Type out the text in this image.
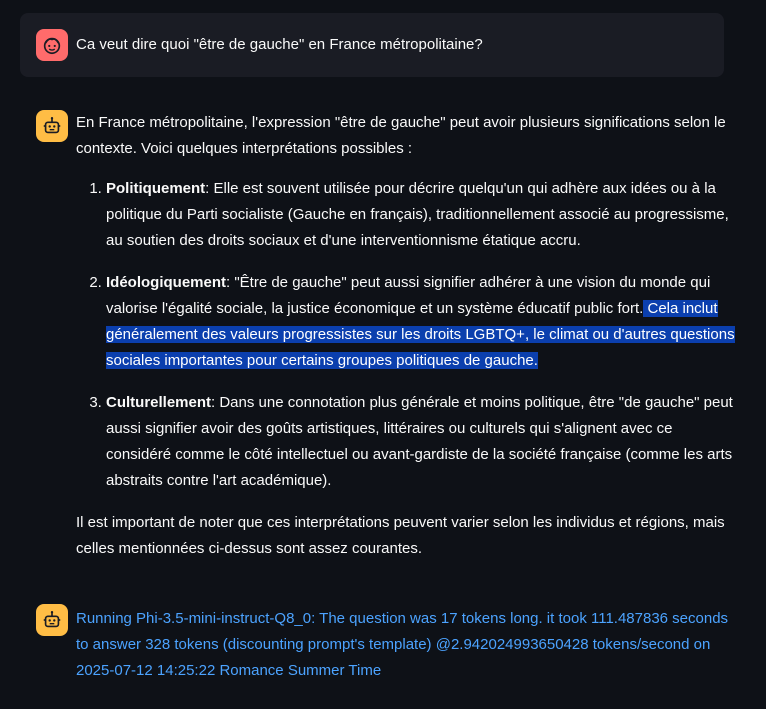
Ca veut dire quoi "être de gauche" en France métropolitaine?

En France métropolitaine, l'expression "être de gauche" peut avoir plusieurs significations selon le contexte. Voici quelques interprétations possibles :

1. Politiquement: Elle est souvent utilisée pour décrire quelqu'un qui adhère aux idées ou à la politique du Parti socialiste (Gauche en français), traditionnellement associé au progressisme, au soutien des droits sociaux et d'une interventionnisme étatique accru.
2. Idéologiquement: "Être de gauche" peut aussi signifier adhérer à une vision du monde qui valorise l'égalité sociale, la justice économique et un système éducatif public fort. Cela inclut généralement des valeurs progressistes sur les droits LGBTQ+, le climat ou d'autres questions sociales importantes pour certains groupes politiques de gauche.
3. Culturellement: Dans une connotation plus générale et moins politique, être "de gauche" peut aussi signifier avoir des goûts artistiques, littéraires ou culturels qui s'alignent avec ce considéré comme le côté intellectuel ou avant-gardiste de la société française (comme les arts abstraits contre l'art académique).

Il est important de noter que ces interprétations peuvent varier selon les individus et régions, mais celles mentionnées ci-dessus sont assez courantes.

Running Phi-3.5-mini-instruct-Q8_0: The question was 17 tokens long. it took 111.487836 seconds to answer 328 tokens (discounting prompt's template) @2.942024993650428 tokens/second on 2025-07-12 14:25:22 Romance Summer Time
